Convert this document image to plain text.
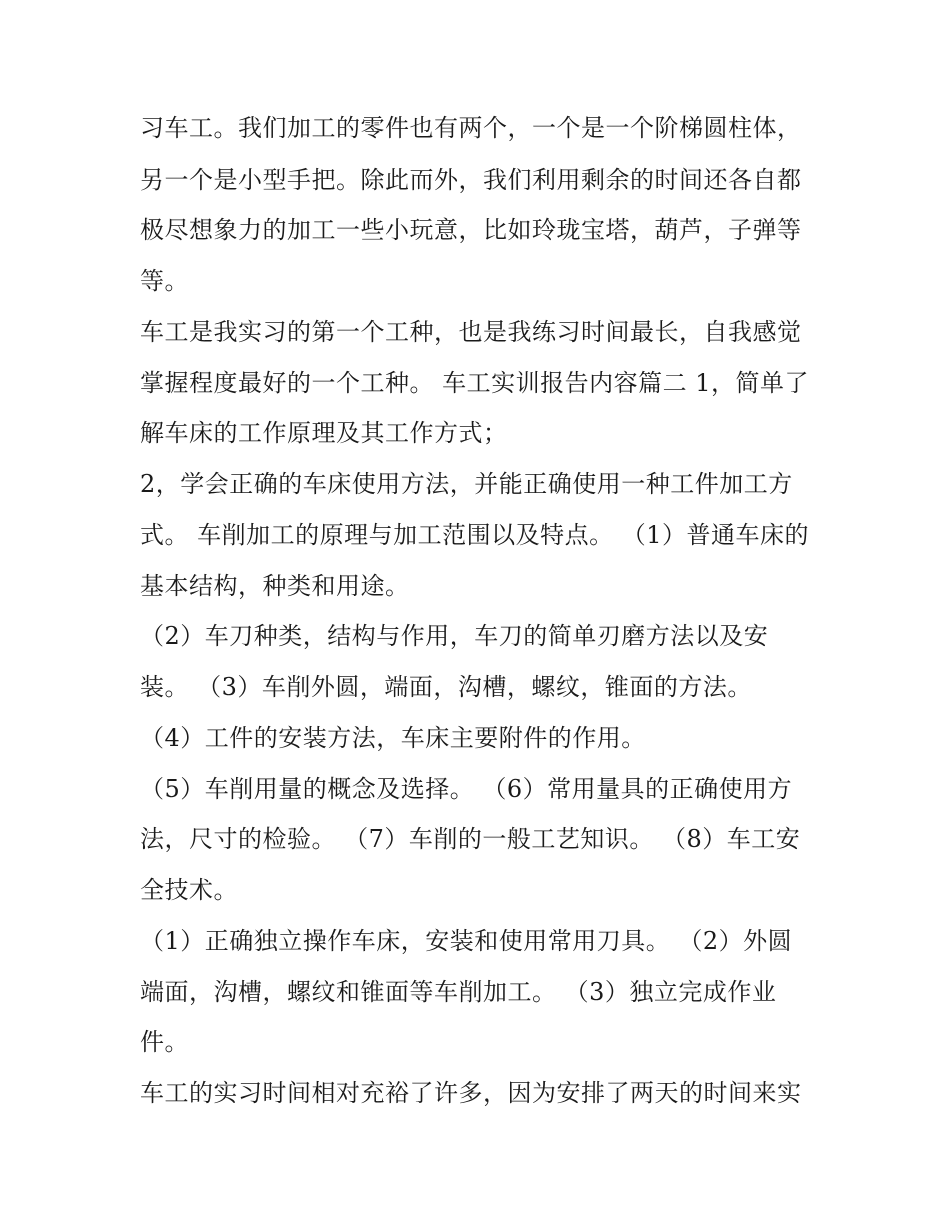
习车工。我们加工的零件也有两个，一个是一个阶梯圆柱体，
另一个是小型手把。除此而外，我们利用剩余的时间还各自都
极尽想象力的加工一些小玩意，比如玲珑宝塔，葫芦，子弹等
等。
车工是我实习的第一个工种，也是我练习时间最长，自我感觉
掌握程度最好的一个工种。 车工实训报告内容篇二 1，简单了
解车床的工作原理及其工作方式；
2，学会正确的车床使用方法，并能正确使用一种工件加工方
式。 车削加工的原理与加工范围以及特点。 （1）普通车床的
基本结构，种类和用途。
（2）车刀种类，结构与作用，车刀的简单刃磨方法以及安
装。 （3）车削外圆，端面，沟槽，螺纹，锥面的方法。
（4）工件的安装方法，车床主要附件的作用。
（5）车削用量的概念及选择。 （6）常用量具的正确使用方
法，尺寸的检验。 （7）车削的一般工艺知识。 （8）车工安
全技术。
（1）正确独立操作车床，安装和使用常用刀具。 （2）外圆
端面，沟槽，螺纹和锥面等车削加工。 （3）独立完成作业
件。
车工的实习时间相对充裕了许多，因为安排了两天的时间来实
